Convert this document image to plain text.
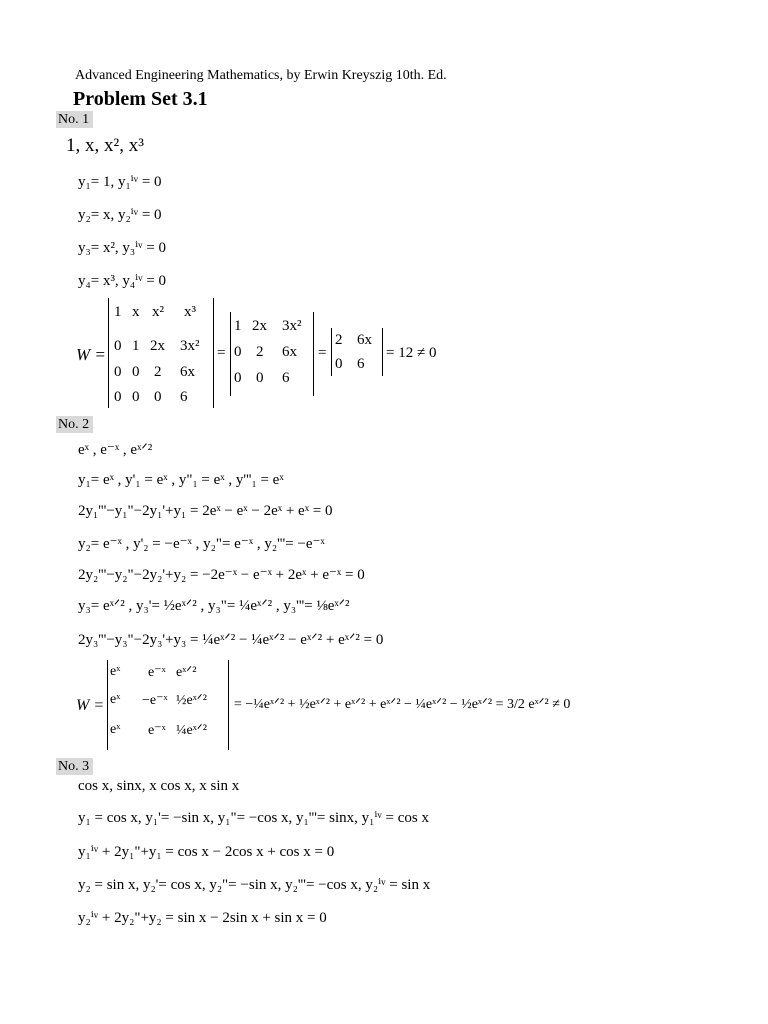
Advanced Engineering Mathematics, by Erwin Kreyszig 10th. Ed.
Problem Set 3.1
No. 1
1, x, x², x³
y₁= 1, y₁ⁱᵛ = 0
y₂= x, y₂ⁱᵛ = 0
y₃= x², y₃ⁱᵛ = 0
y₄= x³, y₄ⁱᵛ = 0
W =
1 x x² x³
0 1 2x 3x²
0 0 2 6x
0 0 0 6
=
1 2x 3x²
0 2 6x
0 0 6
=
2 6x
0 6
= 12 ≠ 0
No. 2
eˣ , e⁻ˣ , eˣᐟ²
y₁= eˣ , y'₁ = eˣ , y"₁ = eˣ , y'''₁ = eˣ
2y₁'''−y₁"−2y₁'+y₁ = 2eˣ − eˣ − 2eˣ + eˣ = 0
y₂= e⁻ˣ , y'₂ = −e⁻ˣ , y₂"= e⁻ˣ , y₂'''= −e⁻ˣ
2y₂'''−y₂"−2y₂'+y₂ = −2e⁻ˣ − e⁻ˣ + 2eˣ + e⁻ˣ = 0
y₃= eˣᐟ² , y₃'= ½eˣᐟ² , y₃"= ¼eˣᐟ² , y₃'''= ⅛eˣᐟ²
2y₃'''−y₃"−2y₃'+y₃ = ¼eˣᐟ² − ¼eˣᐟ² − eˣᐟ² + eˣᐟ² = 0
W =
eˣ e⁻ˣ eˣᐟ²
eˣ −e⁻ˣ ½eˣᐟ²
eˣ e⁻ˣ ¼eˣᐟ²
= −¼eˣᐟ² + ½eˣᐟ² + eˣᐟ² + eˣᐟ² − ¼eˣᐟ² − ½eˣᐟ² = 3/2 eˣᐟ² ≠ 0
No. 3
cos x, sinx, x cos x, x sin x
y₁ = cos x, y₁'= −sin x, y₁"= −cos x, y₁'''= sinx, y₁ⁱᵛ = cos x
y₁ⁱᵛ + 2y₁"+y₁ = cos x − 2cos x + cos x = 0
y₂ = sin x, y₂'= cos x, y₂"= −sin x, y₂'''= −cos x, y₂ⁱᵛ = sin x
y₂ⁱᵛ + 2y₂"+y₂ = sin x − 2sin x + sin x = 0
